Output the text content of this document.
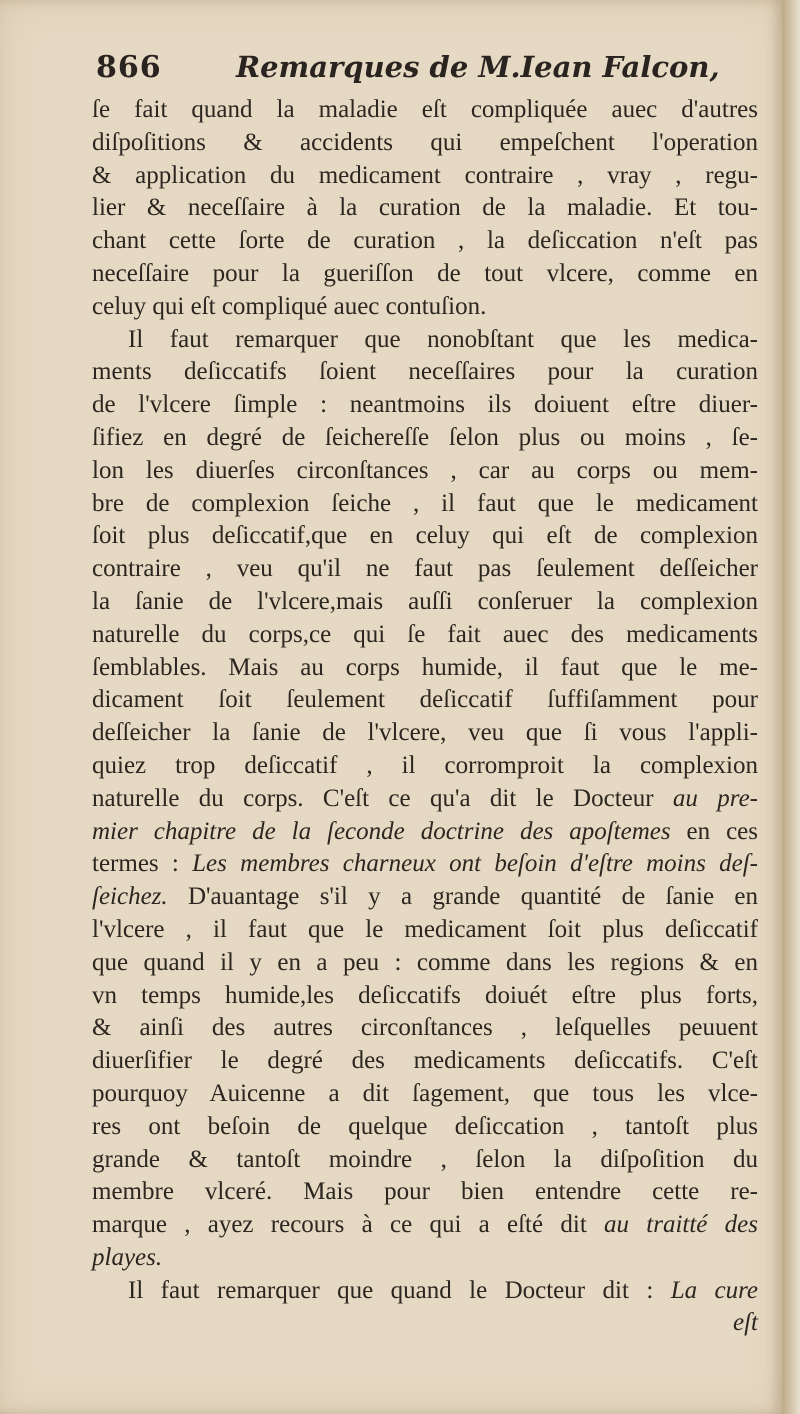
866	Remarques de M.Iean Falcon,
ſe fait quand la maladie eſt compliquée auec d'autres
diſpoſitions & accidents qui empeſchent l'operation
& application du medicament contraire , vray , regu-
lier & neceſſaire à la curation de la maladie. Et tou-
chant cette ſorte de curation , la deſiccation n'eſt pas
neceſſaire pour la gueriſſon de tout vlcere, comme en
celuy qui eſt compliqué auec contuſion.
Il faut remarquer que nonobſtant que les medica-
ments deſiccatifs ſoient neceſſaires pour la curation
de l'vlcere ſimple : neantmoins ils doiuent eſtre diuer-
ſifiez en degré de ſeichereſſe ſelon plus ou moins , ſe-
lon les diuerſes circonſtances , car au corps ou mem-
bre de complexion ſeiche , il faut que le medicament
ſoit plus deſiccatif,que en celuy qui eſt de complexion
contraire , veu qu'il ne faut pas ſeulement deſſeicher
la ſanie de l'vlcere,mais auſſi conſeruer la complexion
naturelle du corps,ce qui ſe fait auec des medicaments
ſemblables. Mais au corps humide, il faut que le me-
dicament ſoit ſeulement deſiccatif ſuffiſamment pour
deſſeicher la ſanie de l'vlcere, veu que ſi vous l'appli-
quiez trop deſiccatif , il corromproit la complexion
naturelle du corps. C'eſt ce qu'a dit le Docteur au pre-
mier chapitre de la ſeconde doctrine des apoſtemes en ces
termes : Les membres charneux ont beſoin d'eſtre moins deſ-
ſeichez. D'auantage s'il y a grande quantité de ſanie en
l'vlcere , il faut que le medicament ſoit plus deſiccatif
que quand il y en a peu : comme dans les regions & en
vn temps humide,les deſiccatifs doiuét eſtre plus forts,
& ainſi des autres circonſtances , leſquelles peuuent
diuerſifier le degré des medicaments deſiccatifs. C'eſt
pourquoy Auicenne a dit ſagement, que tous les vlce-
res ont beſoin de quelque deſiccation , tantoſt plus
grande & tantoſt moindre , ſelon la diſpoſition du
membre vlceré. Mais pour bien entendre cette re-
marque , ayez recours à ce qui a eſté dit au traitté des
playes.
Il faut remarquer que quand le Docteur dit : La cure
eſt
